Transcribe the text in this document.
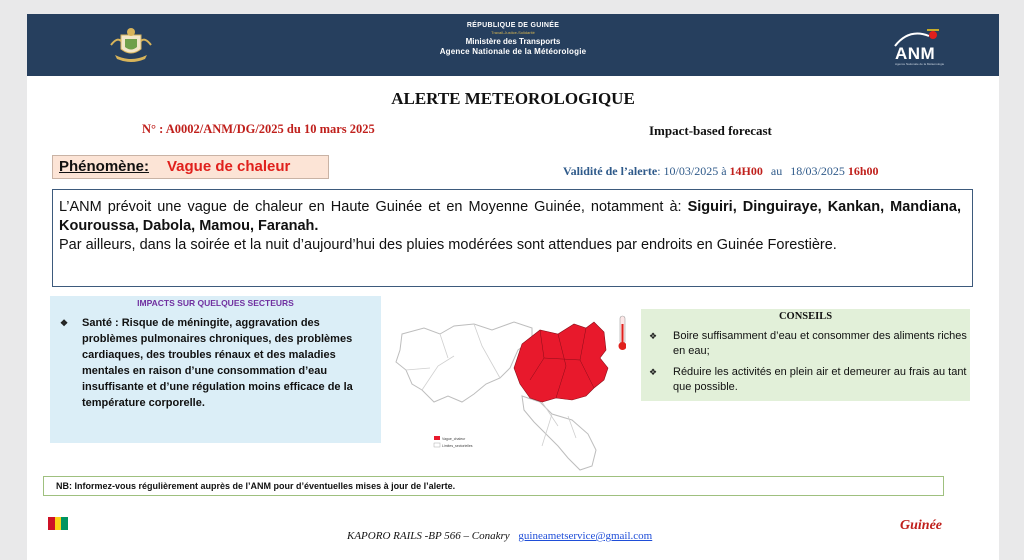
RÉPUBLIQUE DE GUINÉE
Travail-Justice-Solidarité
Ministère des Transports
Agence Nationale de la Météorologie	ANM
Agence Nationale de la Météorologie
ALERTE METEOROLOGIQUE
N° : A0002/ANM/DG/2025 du 10 mars 2025	Impact-based forecast
Phénomène: Vague de chaleur	Validité de l’alerte: 10/03/2025 à 14H00 au 18/03/2025 16h00

L’ANM prévoit une vague de chaleur en Haute Guinée et en Moyenne Guinée, notamment à: Siguiri, Dinguiraye, Kankan, Mandiana, Kouroussa, Dabola, Mamou, Faranah.

Par ailleurs, dans la soirée et la nuit d’aujourd’hui des pluies modérées sont attendues par endroits en Guinée Forestière.

IMPACTS SUR QUELQUES SECTEURS
❖	Santé : Risque de méningite, aggravation des problèmes pulmonaires chroniques, des problèmes cardiaques, des troubles rénaux et des maladies mentales en raison d’une consommation d’eau insuffisante et d’une régulation moins efficace de la température corporelle.
Vague_chaleur
Limites_sectorielles
CONSEILS
❖	Boire suffisamment d’eau et consommer des aliments riches en eau;
❖	Réduire les activités en plein air et demeurer au frais au tant que possible.
NB: Informez-vous régulièrement auprès de l’ANM pour d’éventuelles mises à jour de l’alerte.
KAPORO RAILS -BP 566 – Conakry guineametservice@gmail.com
Guinée
